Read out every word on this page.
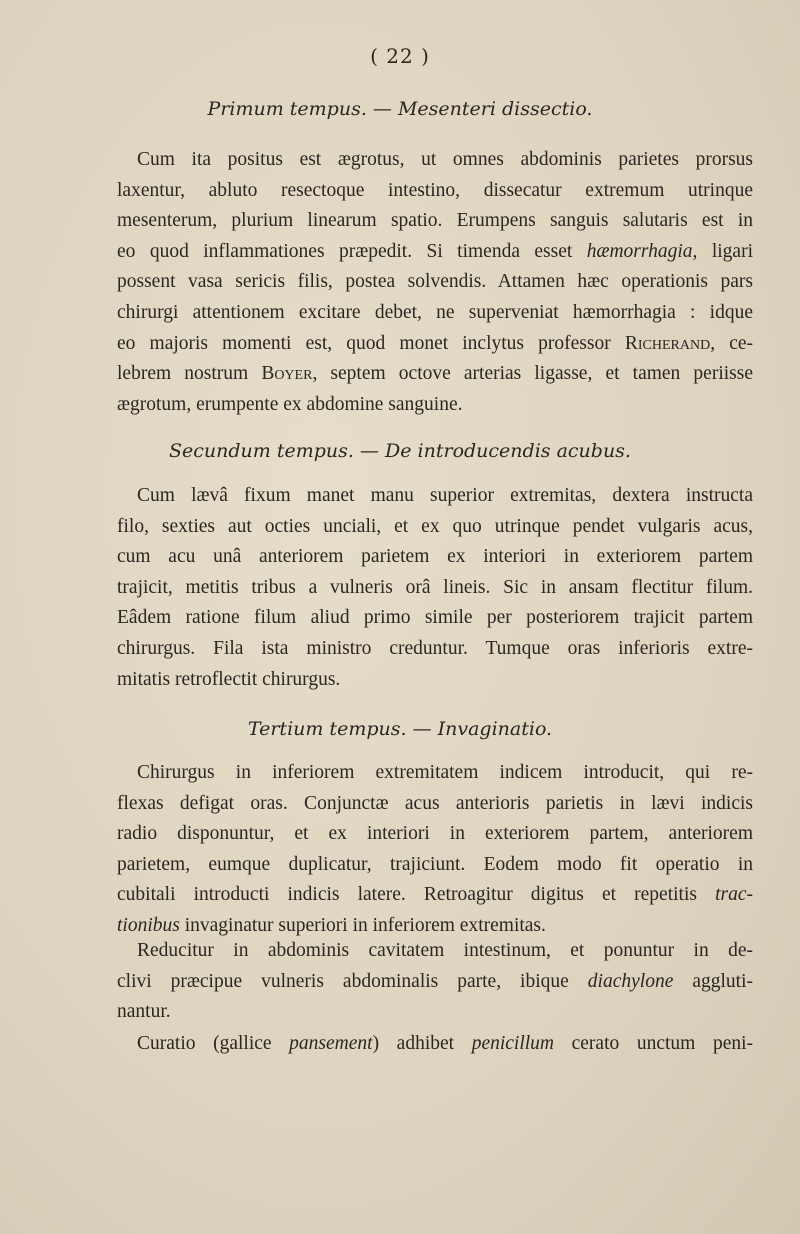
( 22 )
Primum tempus. — Mesenteri dissectio.

Cum ita positus est ægrotus, ut omnes abdominis parietes prorsus
laxentur, abluto resectoque intestino, dissecatur extremum utrinque
mesenterum, plurium linearum spatio. Erumpens sanguis salutaris est in
eo quod inflammationes præpedit. Si timenda esset hæmorrhagia, ligari
possent vasa sericis filis, postea solvendis. Attamen hæc operationis pars
chirurgi attentionem excitare debet, ne superveniat hæmorrhagia : idque
eo majoris momenti est, quod monet inclytus professor Richerand, ce-
lebrem nostrum Boyer, septem octove arterias ligasse, et tamen periisse
ægrotum, erumpente ex abdomine sanguine.

Secundum tempus. — De introducendis acubus.

Cum lævâ fixum manet manu superior extremitas, dextera instructa
filo, sexties aut octies unciali, et ex quo utrinque pendet vulgaris acus,
cum acu unâ anteriorem parietem ex interiori in exteriorem partem
trajicit, metitis tribus a vulneris orâ lineis. Sic in ansam flectitur filum.
Eâdem ratione filum aliud primo simile per posteriorem trajicit partem
chirurgus. Fila ista ministro creduntur. Tumque oras inferioris extre-
mitatis retroflectit chirurgus.

Tertium tempus. — Invaginatio.

Chirurgus in inferiorem extremitatem indicem introducit, qui re-
flexas defigat oras. Conjunctæ acus anterioris parietis in lævi indicis
radio disponuntur, et ex interiori in exteriorem partem, anteriorem
parietem, eumque duplicatur, trajiciunt. Eodem modo fit operatio in
cubitali introducti indicis latere. Retroagitur digitus et repetitis trac-
tionibus invaginatur superiori in inferiorem extremitas.

Reducitur in abdominis cavitatem intestinum, et ponuntur in de-
clivi præcipue vulneris abdominalis parte, ibique diachylone aggluti-
nantur.

Curatio (gallice pansement) adhibet penicillum cerato unctum peni-
